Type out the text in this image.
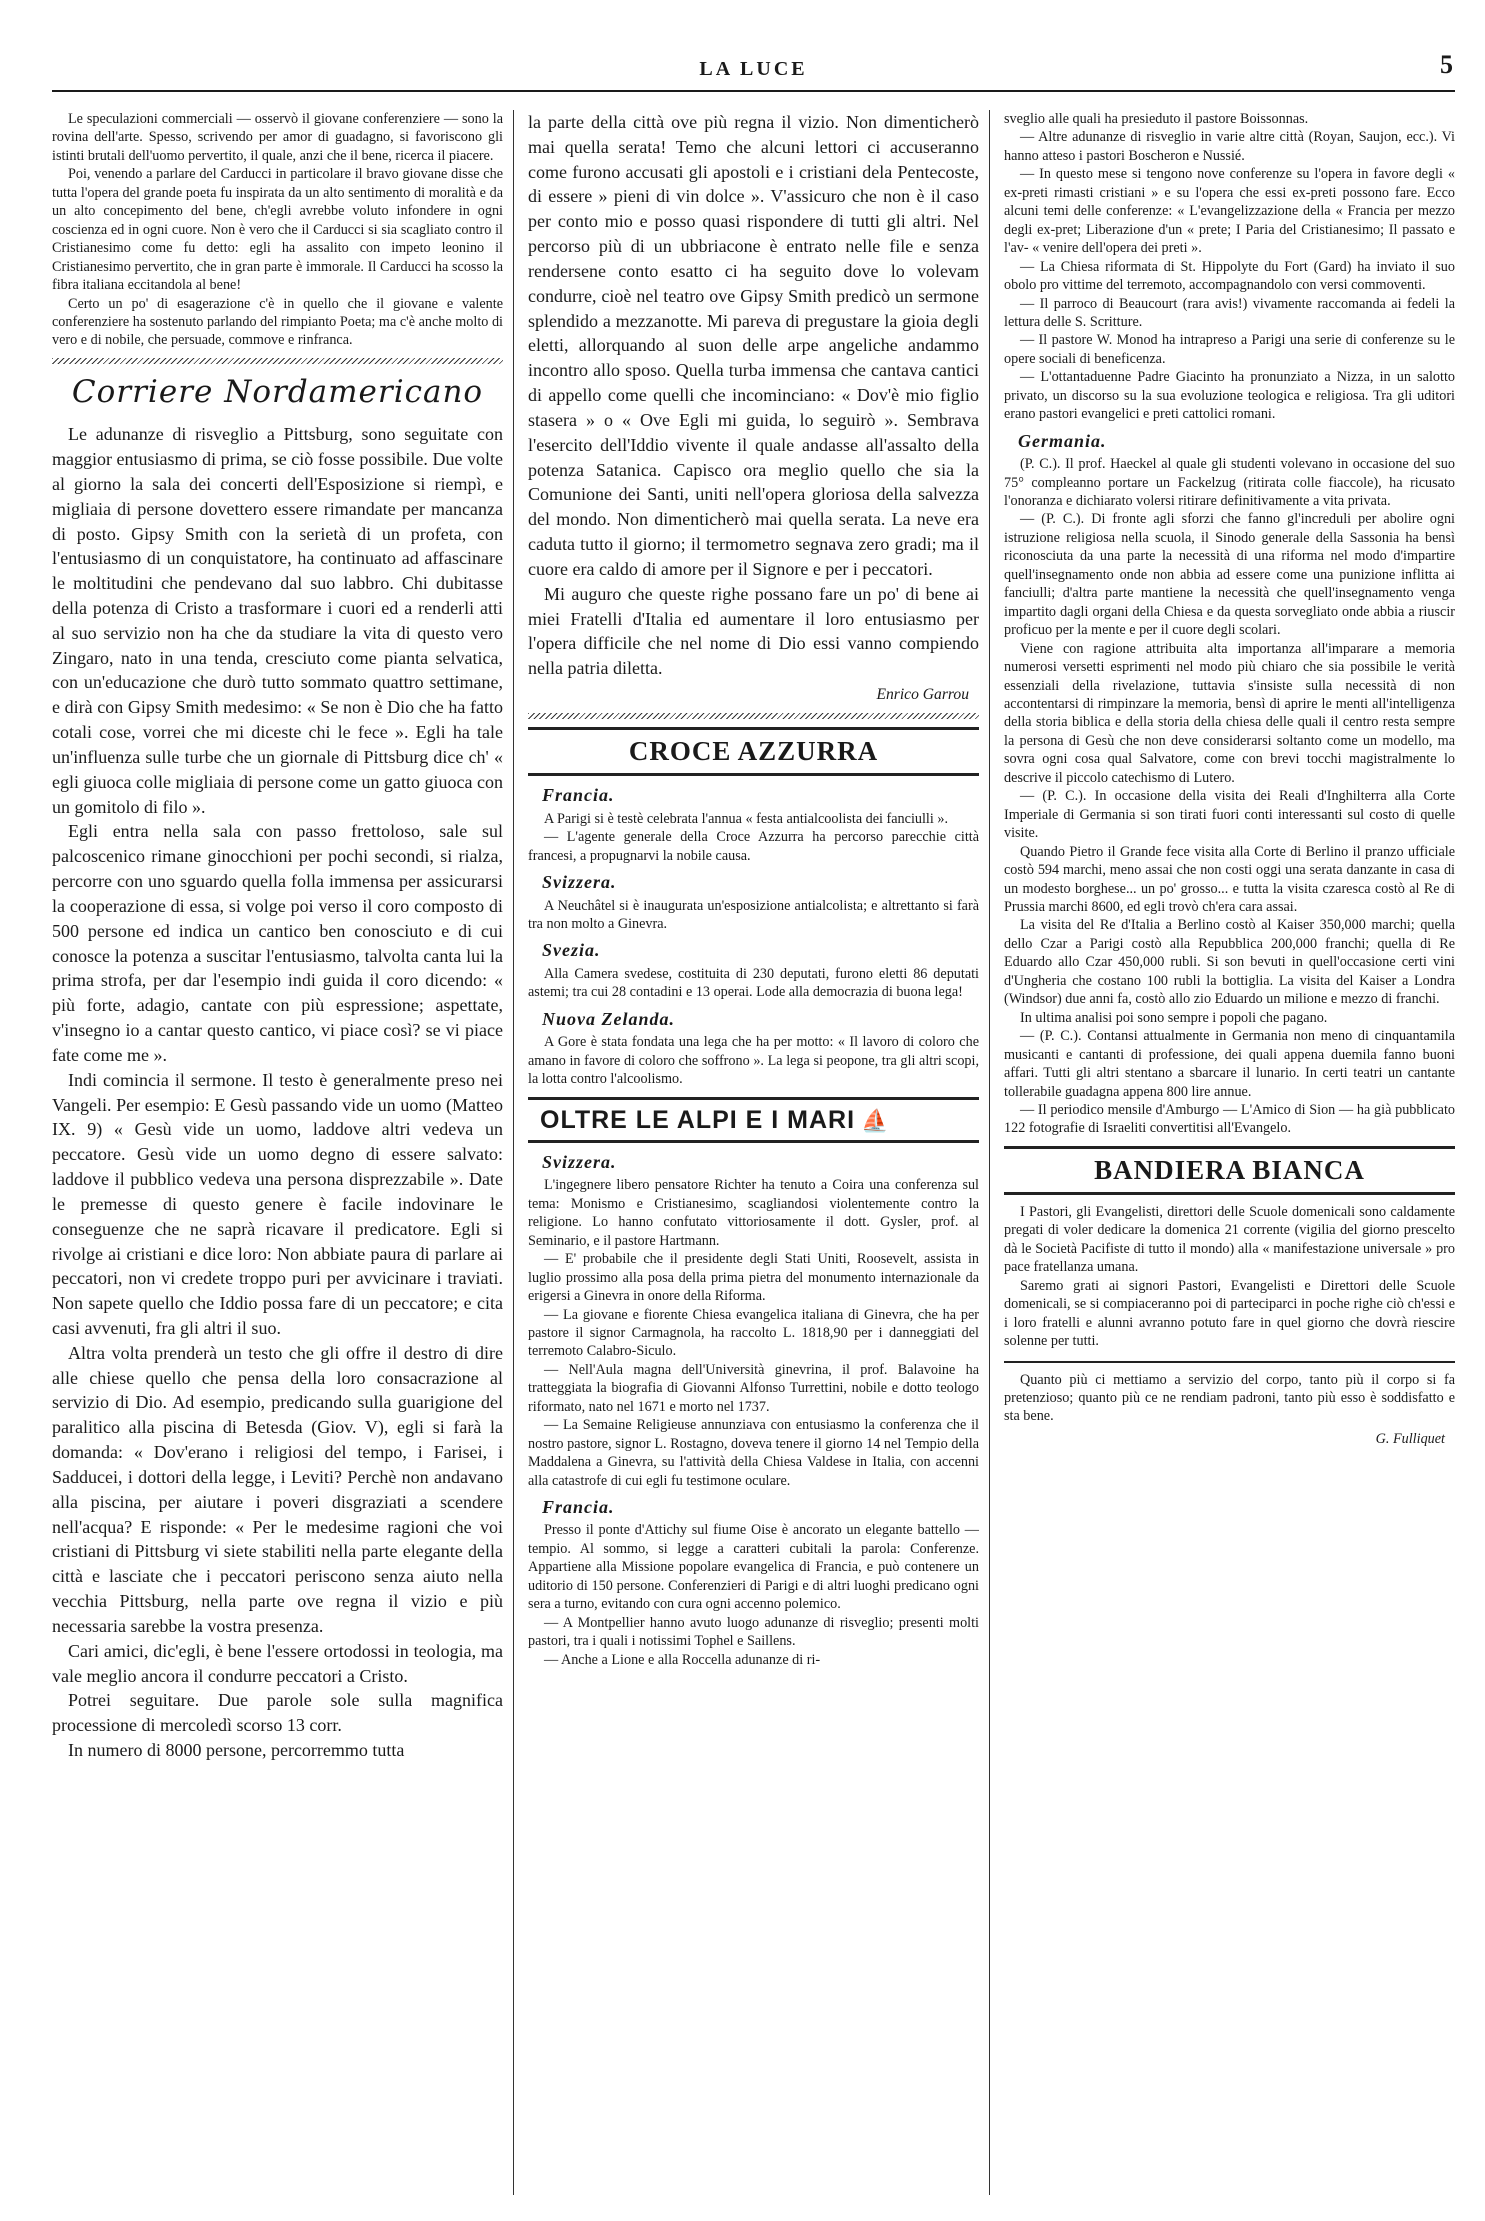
LA LUCE	5

Le speculazioni commerciali — osservò il giovane conferenziere — sono la rovina dell'arte. Spesso, scrivendo per amor di guadagno, si favoriscono gli istinti brutali dell'uomo pervertito, il quale, anzi che il bene, ricerca il piacere.

Poi, venendo a parlare del Carducci in particolare il bravo giovane disse che tutta l'opera del grande poeta fu inspirata da un alto sentimento di moralità e da un alto concepimento del bene, ch'egli avrebbe voluto infondere in ogni coscienza ed in ogni cuore. Non è vero che il Carducci si sia scagliato contro il Cristianesimo come fu detto: egli ha assalito con impeto leonino il Cristianesimo pervertito, che in gran parte è immorale. Il Carducci ha scosso la fibra italiana eccitandola al bene!

Certo un po' di esagerazione c'è in quello che il giovane e valente conferenziere ha sostenuto parlando del rimpianto Poeta; ma c'è anche molto di vero e di nobile, che persuade, commove e rinfranca.

Corriere Nordamericano

Le adunanze di risveglio a Pittsburg, sono seguitate con maggior entusiasmo di prima, se ciò fosse possibile. Due volte al giorno la sala dei concerti dell'Esposizione si riempì, e migliaia di persone dovettero essere rimandate per mancanza di posto. Gipsy Smith con la serietà di un profeta, con l'entusiasmo di un conquistatore, ha continuato ad affascinare le moltitudini che pendevano dal suo labbro. Chi dubitasse della potenza di Cristo a trasformare i cuori ed a renderli atti al suo servizio non ha che da studiare la vita di questo vero Zingaro, nato in una tenda, cresciuto come pianta selvatica, con un'educazione che durò tutto sommato quattro settimane, e dirà con Gipsy Smith medesimo: « Se non è Dio che ha fatto cotali cose, vorrei che mi diceste chi le fece ». Egli ha tale un'influenza sulle turbe che un giornale di Pittsburg dice ch' « egli giuoca colle migliaia di persone come un gatto giuoca con un gomitolo di filo ».

Egli entra nella sala con passo frettoloso, sale sul palcoscenico rimane ginocchioni per pochi secondi, si rialza, percorre con uno sguardo quella folla immensa per assicurarsi la cooperazione di essa, si volge poi verso il coro composto di 500 persone ed indica un cantico ben conosciuto e di cui conosce la potenza a suscitar l'entusiasmo, talvolta canta lui la prima strofa, per dar l'esempio indi guida il coro dicendo: « più forte, adagio, cantate con più espressione; aspettate, v'insegno io a cantar questo cantico, vi piace così? se vi piace fate come me ».

Indi comincia il sermone. Il testo è generalmente preso nei Vangeli. Per esempio: E Gesù passando vide un uomo (Matteo IX. 9) « Gesù vide un uomo, laddove altri vedeva un peccatore. Gesù vide un uomo degno di essere salvato: laddove il pubblico vedeva una persona disprezzabile ». Date le premesse di questo genere è facile indovinare le conseguenze che ne saprà ricavare il predicatore. Egli si rivolge ai cristiani e dice loro: Non abbiate paura di parlare ai peccatori, non vi credete troppo puri per avvicinare i traviati. Non sapete quello che Iddio possa fare di un peccatore; e cita casi avvenuti, fra gli altri il suo.

Altra volta prenderà un testo che gli offre il destro di dire alle chiese quello che pensa della loro consacrazione al servizio di Dio. Ad esempio, predicando sulla guarigione del paralitico alla piscina di Betesda (Giov. V), egli si farà la domanda: « Dov'erano i religiosi del tempo, i Farisei, i Sadducei, i dottori della legge, i Leviti? Perchè non andavano alla piscina, per aiutare i poveri disgraziati a scendere nell'acqua? E risponde: « Per le medesime ragioni che voi cristiani di Pittsburg vi siete stabiliti nella parte elegante della città e lasciate che i peccatori periscono senza aiuto nella vecchia Pittsburg, nella parte ove regna il vizio e più necessaria sarebbe la vostra presenza.

Cari amici, dic'egli, è bene l'essere ortodossi in teologia, ma vale meglio ancora il condurre peccatori a Cristo.

Potrei seguitare. Due parole sole sulla magnifica processione di mercoledì scorso 13 corr.

In numero di 8000 persone, percorremmo tutta

la parte della città ove più regna il vizio. Non dimenticherò mai quella serata! Temo che alcuni lettori ci accuseranno come furono accusati gli apostoli e i cristiani dela Pentecoste, di essere » pieni di vin dolce ». V'assicuro che non è il caso per conto mio e posso quasi rispondere di tutti gli altri. Nel percorso più di un ubbriacone è entrato nelle file e senza rendersene conto esatto ci ha seguito dove lo volevam condurre, cioè nel teatro ove Gipsy Smith predicò un sermone splendido a mezzanotte. Mi pareva di pregustare la gioia degli eletti, allorquando al suon delle arpe angeliche andammo incontro allo sposo. Quella turba immensa che cantava cantici di appello come quelli che incominciano: « Dov'è mio figlio stasera » o « Ove Egli mi guida, lo seguirò ». Sembrava l'esercito dell'Iddio vivente il quale andasse all'assalto della potenza Satanica. Capisco ora meglio quello che sia la Comunione dei Santi, uniti nell'opera gloriosa della salvezza del mondo. Non dimenticherò mai quella serata. La neve era caduta tutto il giorno; il termometro segnava zero gradi; ma il cuore era caldo di amore per il Signore e per i peccatori.

Mi auguro che queste righe possano fare un po' di bene ai miei Fratelli d'Italia ed aumentare il loro entusiasmo per l'opera difficile che nel nome di Dio essi vanno compiendo nella patria diletta.

Enrico Garrou
CROCE AZZURRA
Francia.

A Parigi si è testè celebrata l'annua « festa antialcoolista dei fanciulli ».

— L'agente generale della Croce Azzurra ha percorso parecchie città francesi, a propugnarvi la nobile causa.

Svizzera.

A Neuchâtel si è inaugurata un'esposizione antialcolista; e altrettanto si farà tra non molto a Ginevra.

Svezia.

Alla Camera svedese, costituita di 230 deputati, furono eletti 86 deputati astemi; tra cui 28 contadini e 13 operai. Lode alla democrazia di buona lega!

Nuova Zelanda.

A Gore è stata fondata una lega che ha per motto: « Il lavoro di coloro che amano in favore di coloro che soffrono ». La lega si peopone, tra gli altri scopi, la lotta contro l'alcoolismo.

OLTRE LE ALPI E I MARI ⛵
Svizzera.

L'ingegnere libero pensatore Richter ha tenuto a Coira una conferenza sul tema: Monismo e Cristianesimo, scagliandosi violentemente contro la religione. Lo hanno confutato vittoriosamente il dott. Gysler, prof. al Seminario, e il pastore Hartmann.

— E' probabile che il presidente degli Stati Uniti, Roosevelt, assista in luglio prossimo alla posa della prima pietra del monumento internazionale da erigersi a Ginevra in onore della Riforma.

— La giovane e fiorente Chiesa evangelica italiana di Ginevra, che ha per pastore il signor Carmagnola, ha raccolto L. 1818,90 per i danneggiati del terremoto Calabro-Siculo.

— Nell'Aula magna dell'Università ginevrina, il prof. Balavoine ha tratteggiata la biografia di Giovanni Alfonso Turrettini, nobile e dotto teologo riformato, nato nel 1671 e morto nel 1737.

— La Semaine Religieuse annunziava con entusiasmo la conferenza che il nostro pastore, signor L. Rostagno, doveva tenere il giorno 14 nel Tempio della Maddalena a Ginevra, su l'attività della Chiesa Valdese in Italia, con accenni alla catastrofe di cui egli fu testimone oculare.

Francia.

Presso il ponte d'Attichy sul fiume Oise è ancorato un elegante battello — tempio. Al sommo, si legge a caratteri cubitali la parola: Conferenze. Appartiene alla Missione popolare evangelica di Francia, e può contenere un uditorio di 150 persone. Conferenzieri di Parigi e di altri luoghi predicano ogni sera a turno, evitando con cura ogni accenno polemico.

— A Montpellier hanno avuto luogo adunanze di risveglio; presenti molti pastori, tra i quali i notissimi Tophel e Saillens.

— Anche a Lione e alla Roccella adunanze di ri-

sveglio alle quali ha presieduto il pastore Boissonnas.

— Altre adunanze di risveglio in varie altre città (Royan, Saujon, ecc.). Vi hanno atteso i pastori Boscheron e Nussié.

— In questo mese si tengono nove conferenze su l'opera in favore degli « ex-preti rimasti cristiani » e su l'opera che essi ex-preti possono fare. Ecco alcuni temi delle conferenze: « L'evangelizzazione della « Francia per mezzo degli ex-pret; Liberazione d'un « prete; I Paria del Cristianesimo; Il passato e l'av- « venire dell'opera dei preti ».

— La Chiesa riformata di St. Hippolyte du Fort (Gard) ha inviato il suo obolo pro vittime del terremoto, accompagnandolo con versi commoventi.

— Il parroco di Beaucourt (rara avis!) vivamente raccomanda ai fedeli la lettura delle S. Scritture.

— Il pastore W. Monod ha intrapreso a Parigi una serie di conferenze su le opere sociali di beneficenza.

— L'ottantaduenne Padre Giacinto ha pronunziato a Nizza, in un salotto privato, un discorso su la sua evoluzione teologica e religiosa. Tra gli uditori erano pastori evangelici e preti cattolici romani.

Germania.

(P. C.). Il prof. Haeckel al quale gli studenti volevano in occasione del suo 75° compleanno portare un Fackelzug (ritirata colle fiaccole), ha ricusato l'onoranza e dichiarato volersi ritirare definitivamente a vita privata.

— (P. C.). Di fronte agli sforzi che fanno gl'increduli per abolire ogni istruzione religiosa nella scuola, il Sinodo generale della Sassonia ha bensì riconosciuta da una parte la necessità di una riforma nel modo d'impartire quell'insegnamento onde non abbia ad essere come una punizione inflitta ai fanciulli; d'altra parte mantiene la necessità che quell'insegnamento venga impartito dagli organi della Chiesa e da questa sorvegliato onde abbia a riuscir proficuo per la mente e per il cuore degli scolari.

Viene con ragione attribuita alta importanza all'imparare a memoria numerosi versetti esprimenti nel modo più chiaro che sia possibile le verità essenziali della rivelazione, tuttavia s'insiste sulla necessità di non accontentarsi di rimpinzare la memoria, bensì di aprire le menti all'intelligenza della storia biblica e della storia della chiesa delle quali il centro resta sempre la persona di Gesù che non deve considerarsi soltanto come un modello, ma sovra ogni cosa qual Salvatore, come con brevi tocchi magistralmente lo descrive il piccolo catechismo di Lutero.

— (P. C.). In occasione della visita dei Reali d'Inghilterra alla Corte Imperiale di Germania si son tirati fuori conti interessanti sul costo di quelle visite.

Quando Pietro il Grande fece visita alla Corte di Berlino il pranzo ufficiale costò 594 marchi, meno assai che non costi oggi una serata danzante in casa di un modesto borghese... un po' grosso... e tutta la visita czaresca costò al Re di Prussia marchi 8600, ed egli trovò ch'era cara assai.

La visita del Re d'Italia a Berlino costò al Kaiser 350,000 marchi; quella dello Czar a Parigi costò alla Repubblica 200,000 franchi; quella di Re Eduardo allo Czar 450,000 rubli. Si son bevuti in quell'occasione certi vini d'Ungheria che costano 100 rubli la bottiglia. La visita del Kaiser a Londra (Windsor) due anni fa, costò allo zio Eduardo un milione e mezzo di franchi.

In ultima analisi poi sono sempre i popoli che pagano.

— (P. C.). Contansi attualmente in Germania non meno di cinquantamila musicanti e cantanti di professione, dei quali appena duemila fanno buoni affari. Tutti gli altri stentano a sbarcare il lunario. In certi teatri un cantante tollerabile guadagna appena 800 lire annue.

— Il periodico mensile d'Amburgo — L'Amico di Sion — ha già pubblicato 122 fotografie di Israeliti convertitisi all'Evangelo.

BANDIERA BIANCA

I Pastori, gli Evangelisti, direttori delle Scuole domenicali sono caldamente pregati di voler dedicare la domenica 21 corrente (vigilia del giorno prescelto dà le Società Pacifiste di tutto il mondo) alla « manifestazione universale » pro pace fratellanza umana.

Saremo grati ai signori Pastori, Evangelisti e Direttori delle Scuole domenicali, se si compiaceranno poi di parteciparci in poche righe ciò ch'essi e i loro fratelli e alunni avranno potuto fare in quel giorno che dovrà riescire solenne per tutti.

Quanto più ci mettiamo a servizio del corpo, tanto più il corpo si fa pretenzioso; quanto più ce ne rendiam padroni, tanto più esso è soddisfatto e sta bene.

G. Fulliquet
